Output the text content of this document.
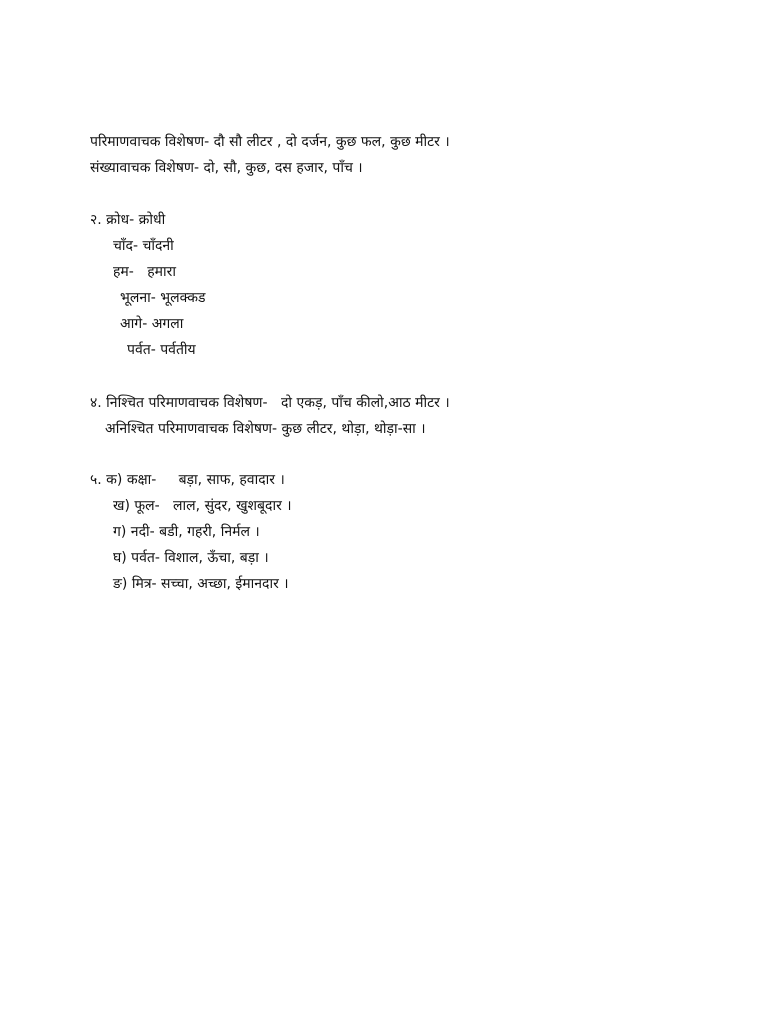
परिमाणवाचक विशेषण- दौ सौ लीटर , दो दर्जन, कुछ फल, कुछ मीटर ।
संख्यावाचक विशेषण- दो, सौ, कुछ, दस हजार, पाँच ।
२. क्रोध- क्रोधी
चाँद- चाँदनी
हम-   हमारा
भूलना- भूलक्कड
आगे- अगला
पर्वत- पर्वतीय
४. निश्चित परिमाणवाचक विशेषण-   दो एकड़, पाँच कीलो,आठ मीटर ।
अनिश्चित परिमाणवाचक विशेषण- कुछ लीटर, थोड़ा, थोड़ा-सा ।
५. क) कक्षा-     बड़ा, साफ, हवादार ।
ख) फूल-   लाल, सुंदर, खुशबूदार ।
ग) नदी- बडी, गहरी, निर्मल ।
घ) पर्वत- विशाल, ऊँचा, बड़ा ।
ङ) मित्र- सच्चा, अच्छा, ईमानदार ।
